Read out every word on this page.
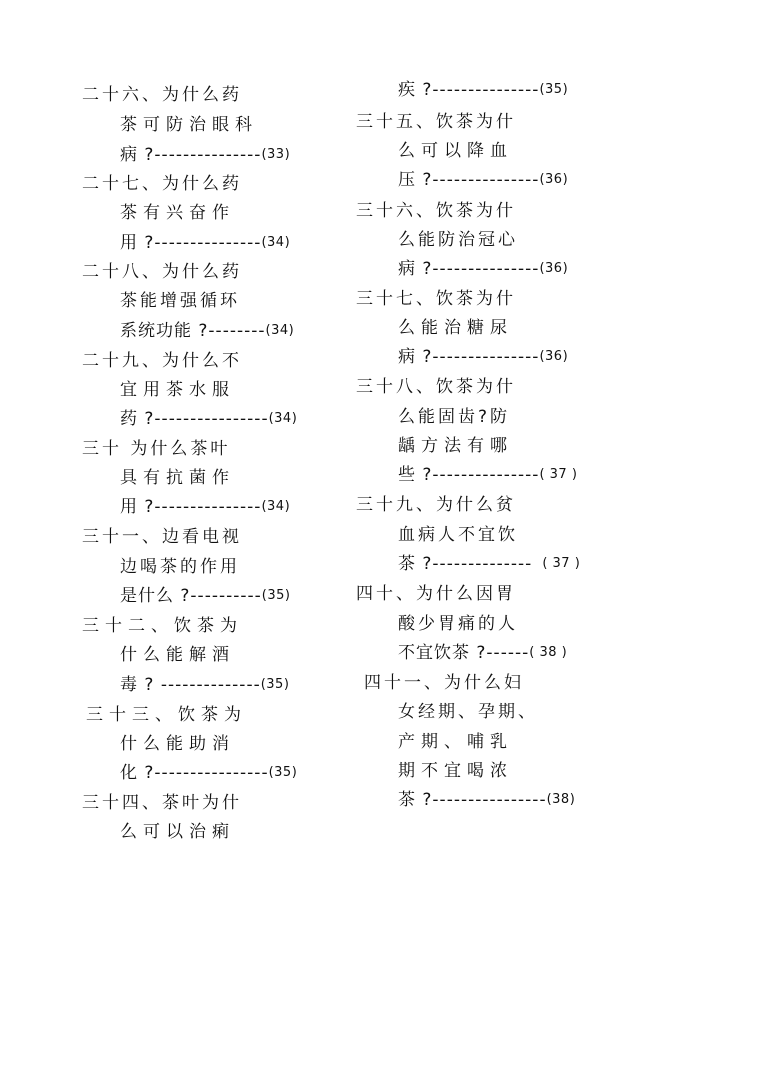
二十六、为什么药
茶可防治眼科
病 ?---------------(33)
二十七、为什么药
茶有兴奋作
用 ?---------------(34)
二十八、为什么药
茶能增强循环
系统功能 ?--------(34)
二十九、为什么不
宜用茶水服
药 ?----------------(34)
三十 为什么茶叶
具有抗菌作
用 ?---------------(34)
三十一、边看电视
边喝茶的作用
是什么 ?----------(35)
三十二、饮茶为
什么能解酒
毒 ? --------------(35)
三十三、饮茶为
什么能助消
化 ?----------------(35)
三十四、茶叶为什
么可以治痢
疾 ?---------------(35)
三十五、饮茶为什
么可以降血
压 ?---------------(36)
三十六、饮茶为什
么能防治冠心
病 ?---------------(36)
三十七、饮茶为什
么能治糖尿
病 ?---------------(36)
三十八、饮茶为什
么能固齿?防
龋方法有哪
些 ?---------------( 37 )
三十九、为什么贫
血病人不宜饮
茶 ?-------------- ( 37 )
四十、为什么因胃
酸少胃痛的人
不宜饮茶 ?------( 38 )
四十一、为什么妇
女经期、孕期、
产期、哺乳
期不宜喝浓
茶 ?----------------(38)
